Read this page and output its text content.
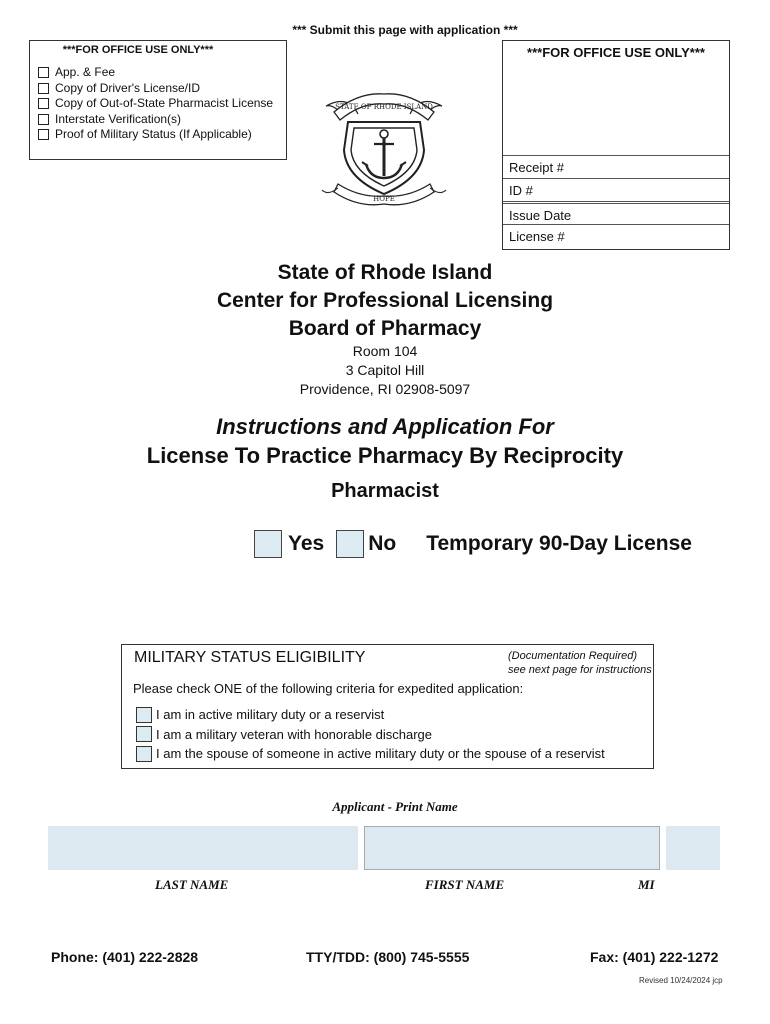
*** Submit this page with application ***
***FOR OFFICE USE ONLY***
App. & Fee
Copy of Driver's License/ID
Copy of Out-of-State Pharmacist License
Interstate Verification(s)
Proof of Military Status (If Applicable)
STATE OF RHODE ISLAND
HOPE
***FOR OFFICE USE ONLY***
Receipt #
ID #
Issue Date
License #
State of Rhode Island
Center for Professional Licensing
Board of Pharmacy
Room 104
3 Capitol Hill
Providence, RI 02908-5097
Instructions and Application For
License To Practice Pharmacy By Reciprocity
Pharmacist
Yes No Temporary 90-Day License
MILITARY STATUS ELIGIBILITY	(Documentation Required)
see next page for instructions
Please check ONE of the following criteria for expedited application:
I am in active military duty or a reservist
I am a military veteran with honorable discharge
I am the spouse of someone in active military duty or the spouse of a reservist
Applicant - Print Name
LAST NAME	FIRST NAME	MI
Phone: (401) 222-2828	TTY/TDD: (800) 745-5555	Fax: (401) 222-1272
Revised 10/24/2024 jcp
